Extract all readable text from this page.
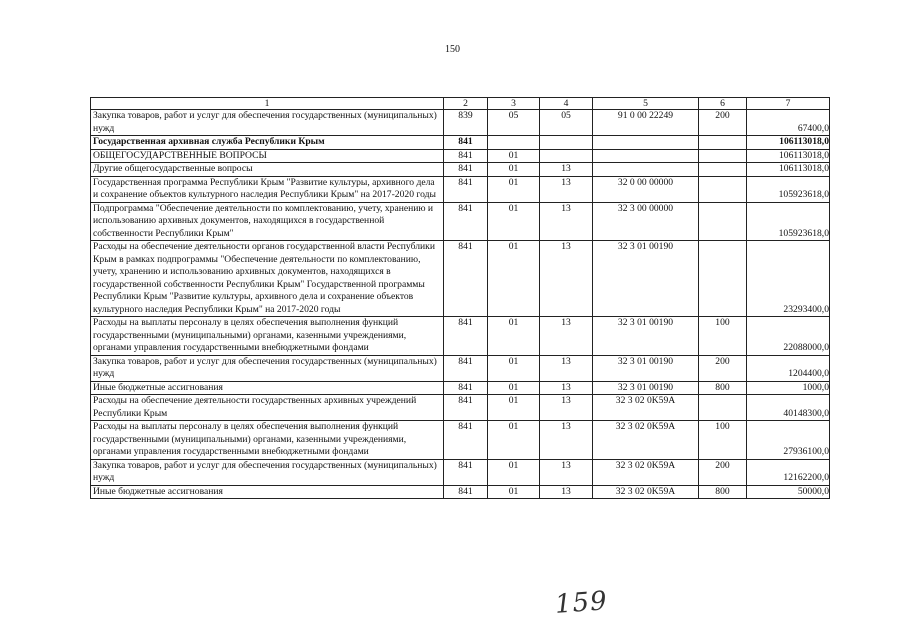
150
1	2	3	4	5	6	7
Закупка товаров, работ и услуг для обеспечения государственных (муниципальных) нужд	839	05	05	91 0 00 22249	200	67400,0
Государственная архивная служба Республики Крым	841					106113018,0
ОБЩЕГОСУДАРСТВЕННЫЕ ВОПРОСЫ	841	01				106113018,0
Другие общегосударственные вопросы	841	01	13			106113018,0
Государственная программа Республики Крым "Развитие культуры, архивного дела и сохранение объектов культурного наследия Республики Крым" на 2017-2020 годы	841	01	13	32 0 00 00000		105923618,0
Подпрограмма "Обеспечение деятельности по комплектованию, учету, хранению и использованию архивных документов, находящихся в государственной собственности Республики Крым"	841	01	13	32 3 00 00000		105923618,0
Расходы на обеспечение деятельности органов государственной власти Республики Крым в рамках подпрограммы "Обеспечение деятельности по комплектованию, учету, хранению и использованию архивных документов, находящихся в государственной собственности Республики Крым" Государственной программы Республики Крым "Развитие культуры, архивного дела и сохранение объектов культурного наследия Республики Крым" на 2017-2020 годы	841	01	13	32 3 01 00190		23293400,0
Расходы на выплаты персоналу в целях обеспечения выполнения функций государственными (муниципальными) органами, казенными учреждениями, органами управления государственными внебюджетными фондами	841	01	13	32 3 01 00190	100	22088000,0
Закупка товаров, работ и услуг для обеспечения государственных (муниципальных) нужд	841	01	13	32 3 01 00190	200	1204400,0
Иные бюджетные ассигнования	841	01	13	32 3 01 00190	800	1000,0
Расходы на обеспечение деятельности государственных архивных учреждений Республики Крым	841	01	13	32 3 02 0K59A		40148300,0
Расходы на выплаты персоналу в целях обеспечения выполнения функций государственными (муниципальными) органами, казенными учреждениями, органами управления государственными внебюджетными фондами	841	01	13	32 3 02 0K59A	100	27936100,0
Закупка товаров, работ и услуг для обеспечения государственных (муниципальных) нужд	841	01	13	32 3 02 0K59A	200	12162200,0
Иные бюджетные ассигнования	841	01	13	32 3 02 0K59A	800	50000,0
159
